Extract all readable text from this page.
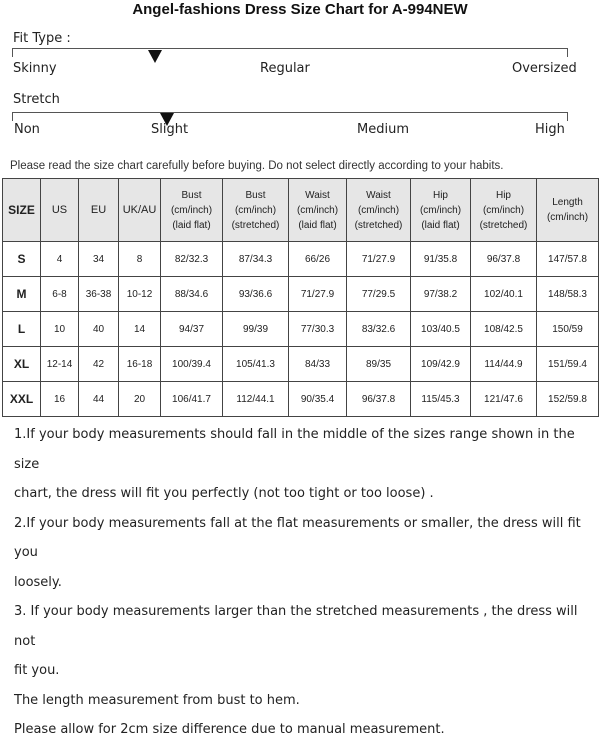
Angel-fashions Dress Size Chart for A-994NEW
Fit Type :
Skinny	Regular	Oversized
Stretch
Non	Slight	Medium	High
Please read the size chart carefully before buying. Do not select directly according to your habits.
SIZE	US	EU	UK/AU	Bust
(cm/inch)
(laid flat)	Bust
(cm/inch)
(stretched)	Waist
(cm/inch)
(laid flat)	Waist
(cm/inch)
(stretched)	Hip
(cm/inch)
(laid flat)	Hip
(cm/inch)
(stretched)	Length
(cm/inch)
S	4	34	8	82/32.3	87/34.3	66/26	71/27.9	91/35.8	96/37.8	147/57.8
M	6-8	36-38	10-12	88/34.6	93/36.6	71/27.9	77/29.5	97/38.2	102/40.1	148/58.3
L	10	40	14	94/37	99/39	77/30.3	83/32.6	103/40.5	108/42.5	150/59
XL	12-14	42	16-18	100/39.4	105/41.3	84/33	89/35	109/42.9	114/44.9	151/59.4
XXL	16	44	20	106/41.7	112/44.1	90/35.4	96/37.8	115/45.3	121/47.6	152/59.8

1.If your body measurements should fall in the middle of the sizes range shown in the size

chart, the dress will fit you perfectly (not too tight or too loose) .

2.If your body measurements fall at the flat measurements or smaller, the dress will fit you

loosely.

3. If your body measurements larger than the stretched measurements , the dress will not

fit you.

The length measurement from bust to hem.

Please allow for 2cm size difference due to manual measurement.
